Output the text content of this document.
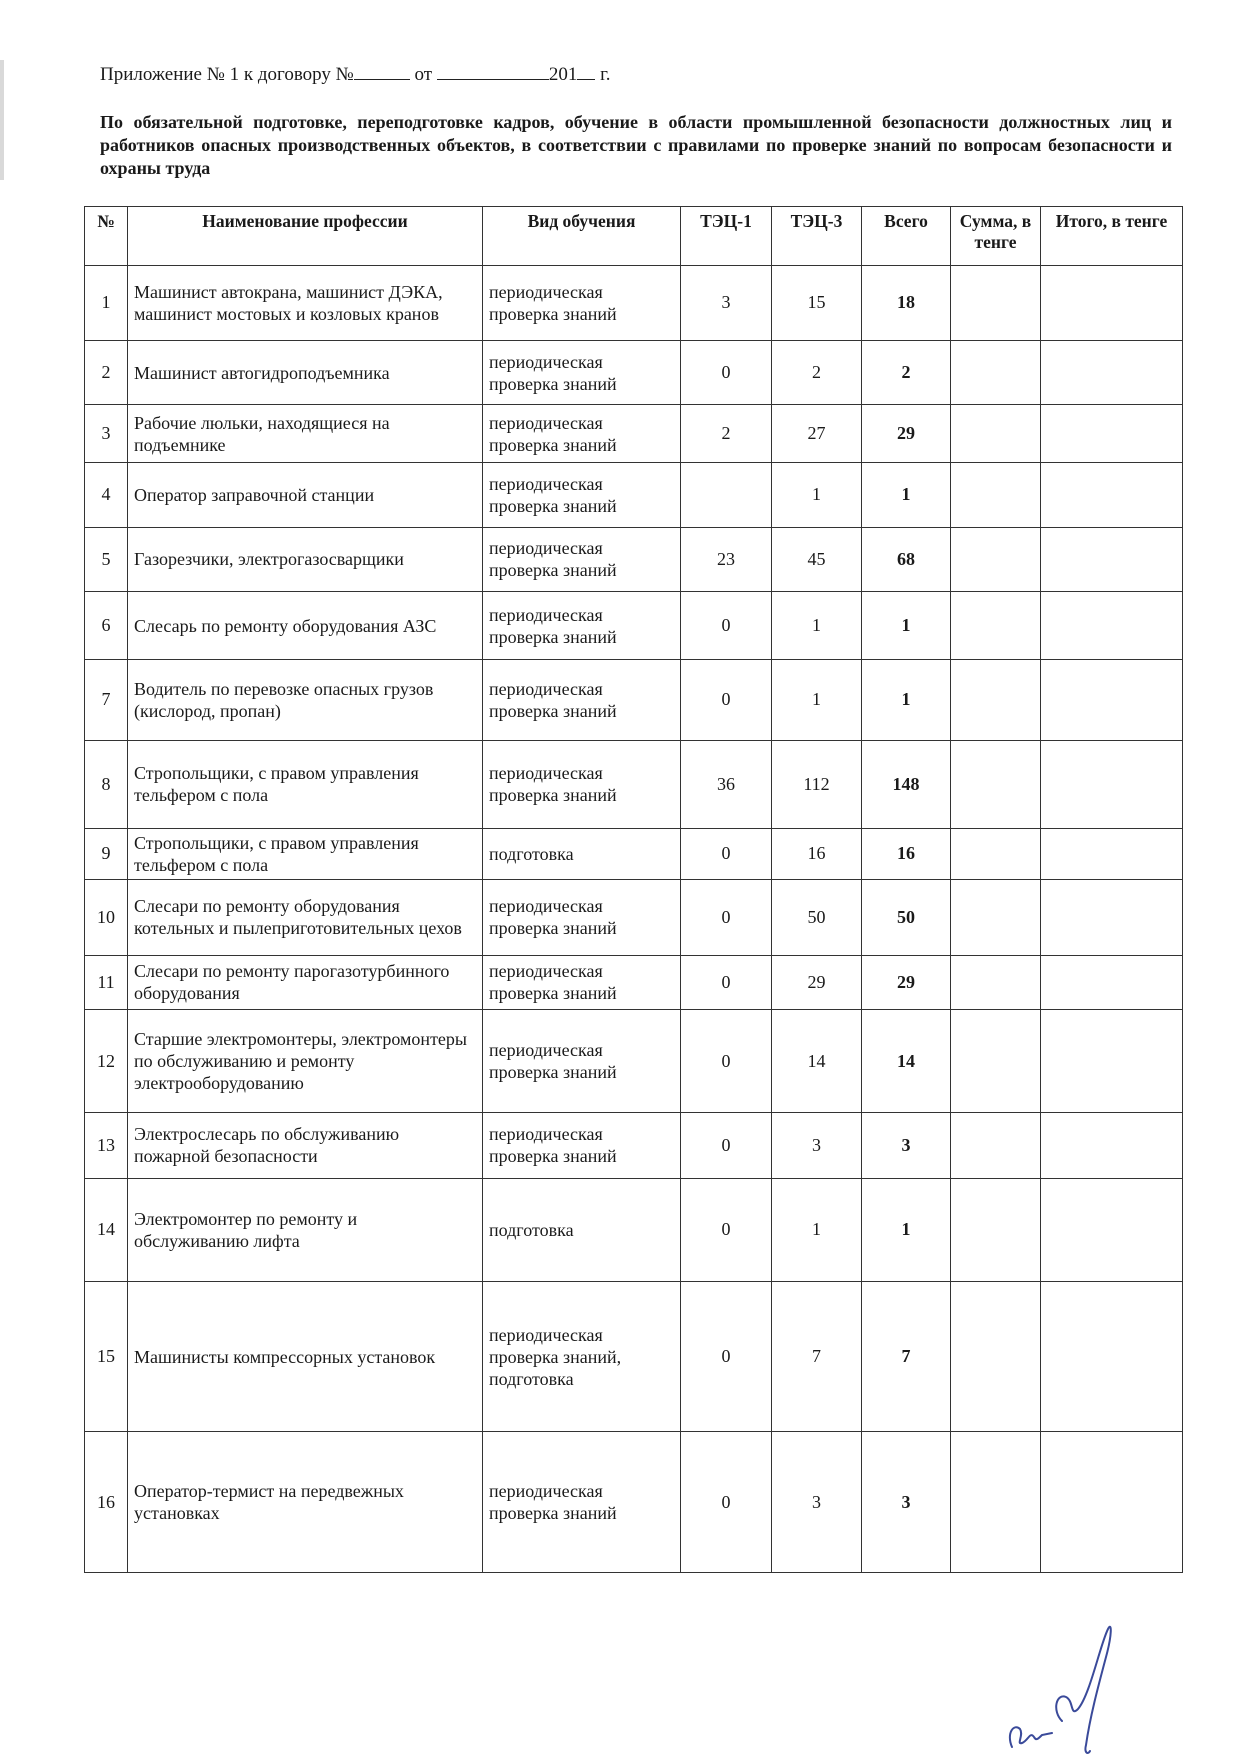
Приложение № 1 к договору №	от	201 г.
По обязательной подготовке, переподготовке кадров, обучение в области промышленной безопасности должностных лиц и работников опасных производственных объектов, в соответствии с правилами по проверке знаний по вопросам безопасности и охраны труда
№	Наименование профессии	Вид обучения	ТЭЦ-1	ТЭЦ-3	Всего	Сумма, в тенге	Итого, в тенге
1	Машинист автокрана, машинист ДЭКА, машинист мостовых и козловых кранов	периодическая проверка знаний	3	15	18		
2	Машинист автогидроподъемника	периодическая проверка знаний	0	2	2		
3	Рабочие люльки, находящиеся на подъемнике	периодическая проверка знаний	2	27	29		
4	Оператор заправочной станции	периодическая проверка знаний		1	1		
5	Газорезчики, электрогазосварщики	периодическая проверка знаний	23	45	68		
6	Слесарь по ремонту оборудования АЗС	периодическая проверка знаний	0	1	1		
7	Водитель по перевозке опасных грузов (кислород, пропан)	периодическая проверка знаний	0	1	1		
8	Стропольщики, с правом управления тельфером с пола	периодическая проверка знаний	36	112	148		
9	Стропольщики, с правом управления тельфером с пола	подготовка	0	16	16		
10	Слесари по ремонту оборудования котельных и пылеприготовительных цехов	периодическая проверка знаний	0	50	50		
11	Слесари по ремонту парогазотурбинного оборудования	периодическая проверка знаний	0	29	29		
12	Старшие электромонтеры, электромонтеры по обслуживанию и ремонту электрооборудованию	периодическая проверка знаний	0	14	14		
13	Электрослесарь по обслуживанию пожарной безопасности	периодическая проверка знаний	0	3	3		
14	Электромонтер по ремонту и обслуживанию лифта	подготовка	0	1	1		
15	Машинисты компрессорных установок	периодическая проверка знаний, подготовка	0	7	7		
16	Оператор-термист на передвежных установках	периодическая проверка знаний	0	3	3		
